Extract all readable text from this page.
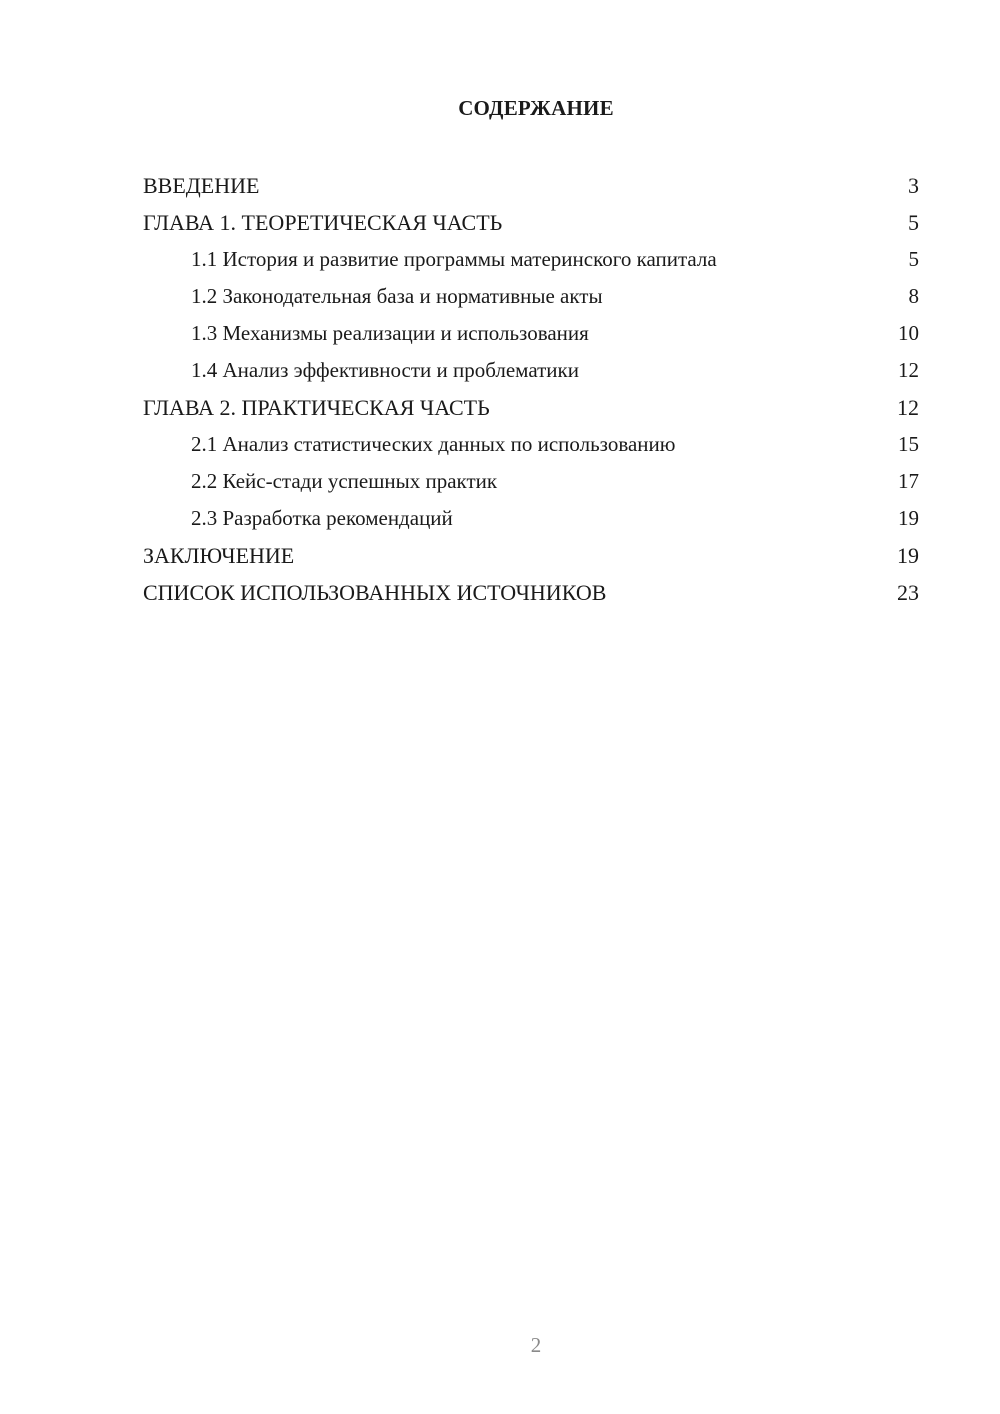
СОДЕРЖАНИЕ
ВВЕДЕНИЕ	3
ГЛАВА 1. ТЕОРЕТИЧЕСКАЯ ЧАСТЬ	5
1.1 История и развитие программы материнского капитала	5
1.2 Законодательная база и нормативные акты	8
1.3 Механизмы реализации и использования	10
1.4 Анализ эффективности и проблематики	12
ГЛАВА 2. ПРАКТИЧЕСКАЯ ЧАСТЬ	12
2.1 Анализ статистических данных по использованию	15
2.2 Кейс-стади успешных практик	17
2.3 Разработка рекомендаций	19
ЗАКЛЮЧЕНИЕ	19
СПИСОК ИСПОЛЬЗОВАННЫХ ИСТОЧНИКОВ	23
2
